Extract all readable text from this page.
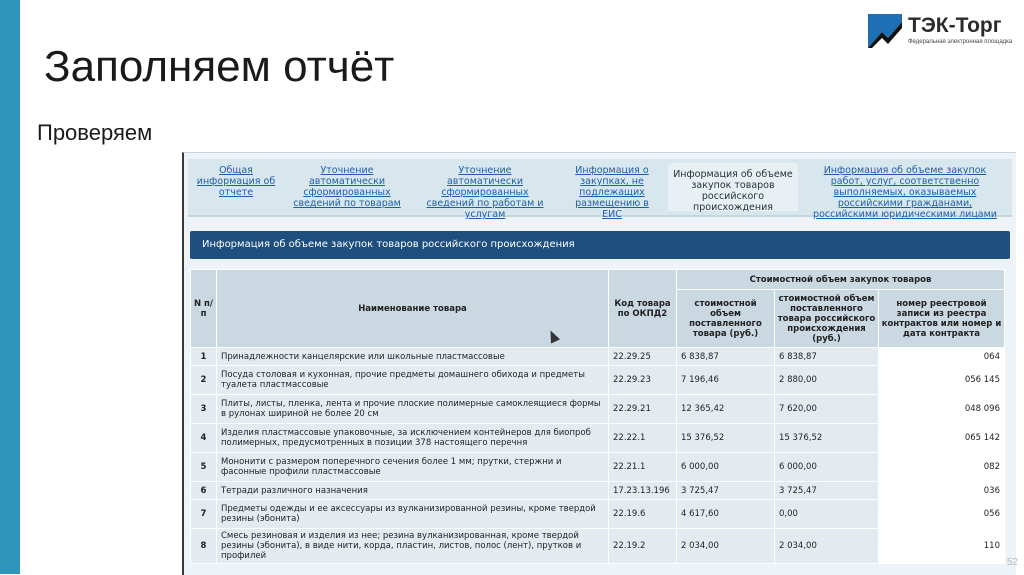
Заполняем отчёт
Проверяем
ТЭК-Торг
Федеральная электронная площадка
Общая информация об отчете
Уточнение автоматически сформированных сведений по товарам
Уточнение автоматически сформированных сведений по работам и услугам
Информация о закупках, не подлежащих размещению в ЕИС
Информация об объеме закупок товаров российского происхождения
Информация об объеме закупок работ, услуг, соответственно выполняемых, оказываемых российскими гражданами, российскими юридическими лицами
Информация об объеме закупок товаров российского происхождения
N п/п	Наименование товара	Код товара по ОКПД2	Стоимостной объем закупок товаров		
			стоимостной объем поставленного товара (руб.)	стоимостной объем поставленного товара российского происхождения (руб.)	номер реестровой записи из реестра контрактов или номер и дата контракта
1	Принадлежности канцелярские или школьные пластмассовые	22.29.25	6 838,87	6 838,87	064
2	Посуда столовая и кухонная, прочие предметы домашнего обихода и предметы туалета пластмассовые	22.29.23	7 196,46	2 880,00	056 145
3	Плиты, листы, пленка, лента и прочие плоские полимерные самоклеящиеся формы в рулонах шириной не более 20 см	22.29.21	12 365,42	7 620,00	048 096
4	Изделия пластмассовые упаковочные, за исключением контейнеров для биопроб полимерных, предусмотренных в позиции 378 настоящего перечня	22.22.1	15 376,52	15 376,52	065 142
5	Мононити с размером поперечного сечения более 1 мм; прутки, стержни и фасонные профили пластмассовые	22.21.1	6 000,00	6 000,00	082
6	Тетради различного назначения	17.23.13.196	3 725,47	3 725,47	036
7	Предметы одежды и ее аксессуары из вулканизированной резины, кроме твердой резины (эбонита)	22.19.6	4 617,60	0,00	056
8	Смесь резиновая и изделия из нее; резина вулканизированная, кроме твердой резины (эбонита), в виде нити, корда, пластин, листов, полос (лент), прутков и профилей	22.19.2	2 034,00	2 034,00	110
52
